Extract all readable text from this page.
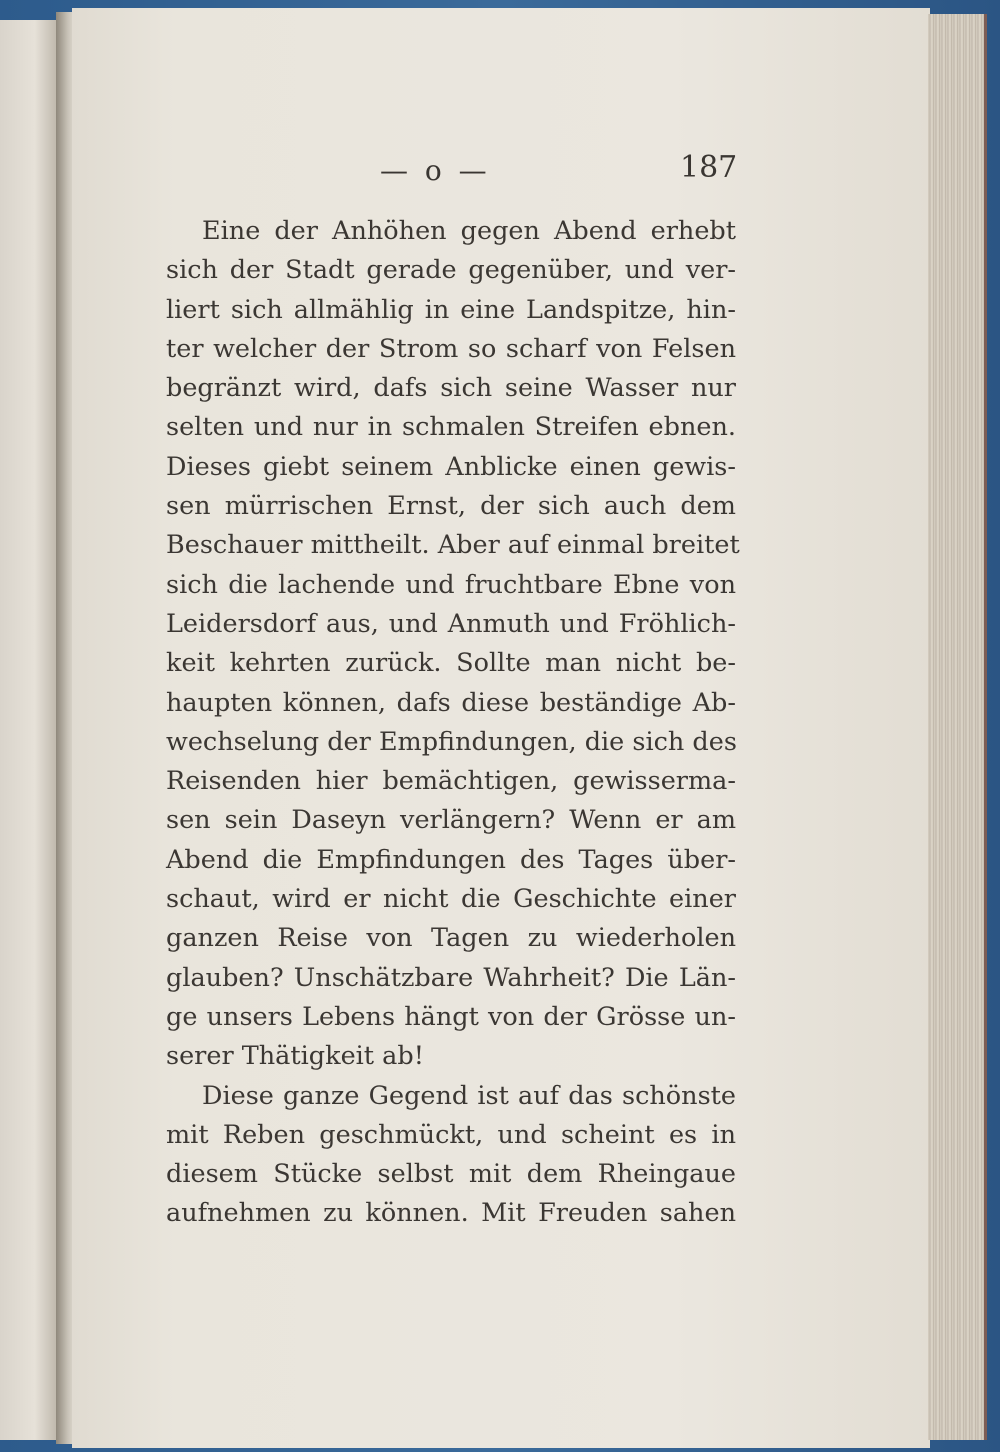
— o —	187
Eine der Anhöhen gegen Abend erhebt
sich der Stadt gerade gegenüber, und ver-
liert sich allmählig in eine Landspitze, hin-
ter welcher der Strom so scharf von Felsen
begränzt wird, dafs sich seine Wasser nur
selten und nur in schmalen Streifen ebnen.
Dieses giebt seinem Anblicke einen gewis-
sen mürrischen Ernst, der sich auch dem
Beschauer mittheilt. Aber auf einmal breitet
sich die lachende und fruchtbare Ebne von
Leidersdorf aus, und Anmuth und Fröhlich-
keit kehrten zurück. Sollte man nicht be-
haupten können, dafs diese beständige Ab-
wechselung der Empfindungen, die sich des
Reisenden hier bemächtigen, gewisserma-
sen sein Daseyn verlängern? Wenn er am
Abend die Empfindungen des Tages über-
schaut, wird er nicht die Geschichte einer
ganzen Reise von Tagen zu wiederholen
glauben? Unschätzbare Wahrheit? Die Län-
ge unsers Lebens hängt von der Grösse un-
serer Thätigkeit ab!
Diese ganze Gegend ist auf das schönste
mit Reben geschmückt, und scheint es in
diesem Stücke selbst mit dem Rheingaue
aufnehmen zu können. Mit Freuden sahen
